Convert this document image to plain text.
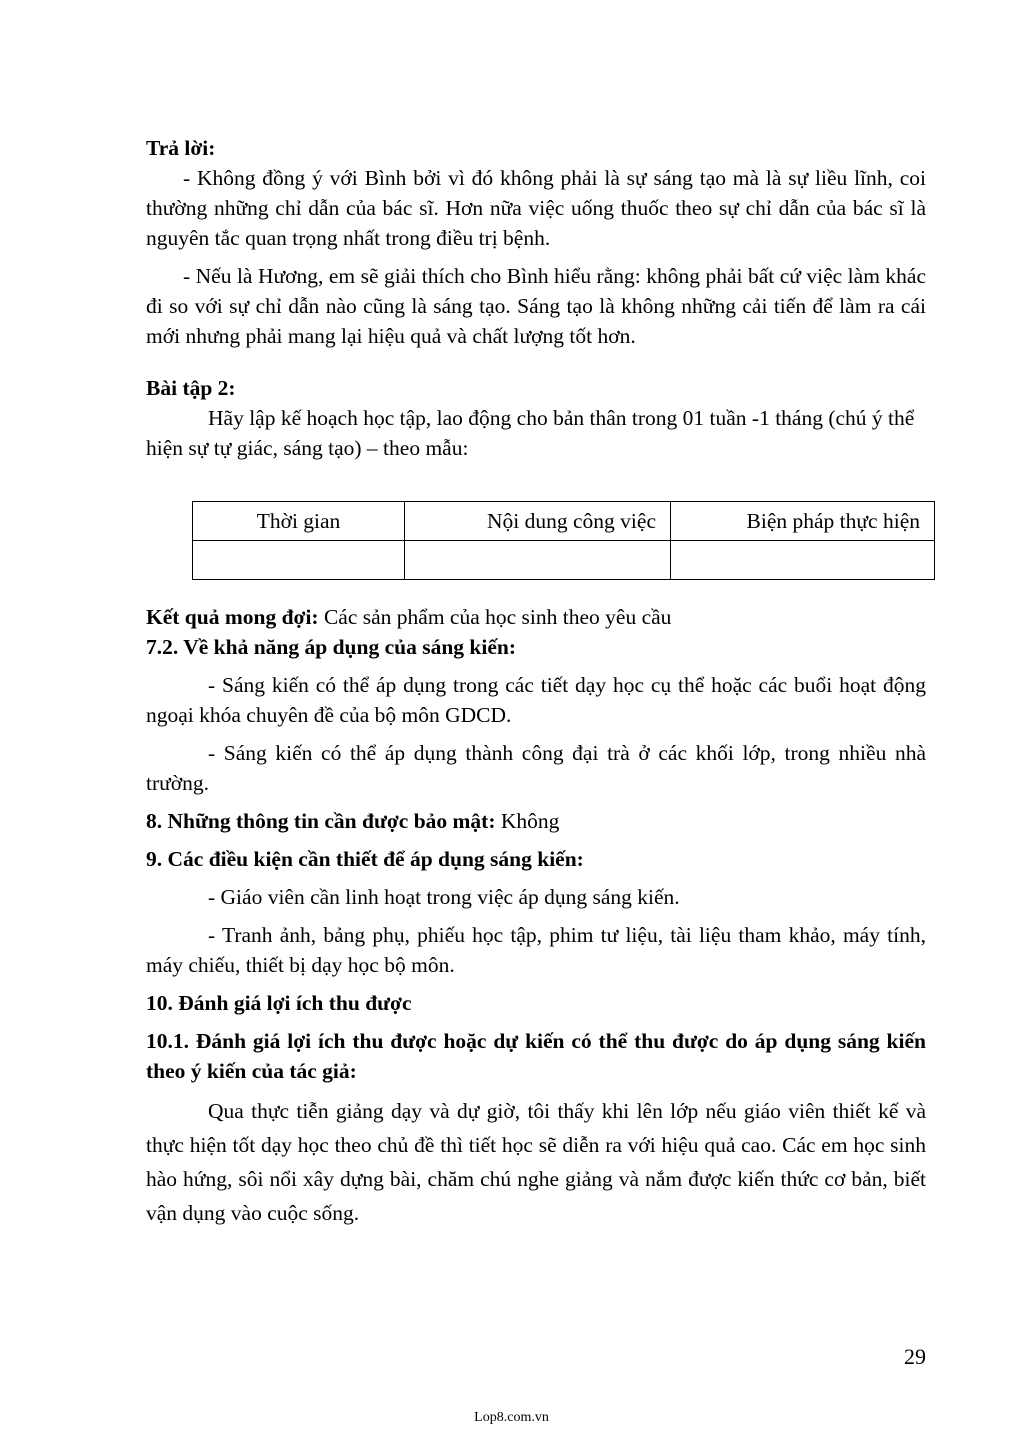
Trả lời:

- Không đồng ý với Bình bởi vì đó không phải là sự sáng tạo mà là sự liều lĩnh, coi thường những chỉ dẫn của bác sĩ. Hơn nữa việc uống thuốc theo sự chỉ dẫn của bác sĩ là nguyên tắc quan trọng nhất trong điều trị bệnh.

- Nếu là Hương, em sẽ giải thích cho Bình hiểu rằng: không phải bất cứ việc làm khác đi so với sự chỉ dẫn nào cũng là sáng tạo. Sáng tạo là không những cải tiến để làm ra cái mới nhưng phải mang lại hiệu quả và chất lượng tốt hơn.

Bài tập 2:

Hãy lập kế hoạch học tập, lao động cho bản thân trong 01 tuần -1 tháng (chú ý thể hiện sự tự giác, sáng tạo) – theo mẫu:

Thời gian	Nội dung công việc	Biện pháp thực hiện

Kết quả mong đợi: Các sản phẩm của học sinh theo yêu cầu

7.2. Về khả năng áp dụng của sáng kiến:

- Sáng kiến có thể áp dụng trong các tiết dạy học cụ thể hoặc các buổi hoạt động ngoại khóa chuyên đề của bộ môn GDCD.

- Sáng kiến có thể áp dụng thành công đại trà ở các khối lớp, trong nhiều nhà trường.

8. Những thông tin cần được bảo mật: Không

9. Các điều kiện cần thiết để áp dụng sáng kiến:

- Giáo viên cần linh hoạt trong việc áp dụng sáng kiến.

- Tranh ảnh, bảng phụ, phiếu học tập, phim tư liệu, tài liệu tham khảo, máy tính, máy chiếu, thiết bị dạy học bộ môn.

10. Đánh giá lợi ích thu được

10.1. Đánh giá lợi ích thu được hoặc dự kiến có thể thu được do áp dụng sáng kiến theo ý kiến của tác giả:

Qua thực tiễn giảng dạy và dự giờ, tôi thấy khi lên lớp nếu giáo viên thiết kế và thực hiện tốt dạy học theo chủ đề thì tiết học sẽ diễn ra với hiệu quả cao. Các em học sinh hào hứng, sôi nổi xây dựng bài, chăm chú nghe giảng và nắm được kiến thức cơ bản, biết vận dụng vào cuộc sống.

29
Lop8.com.vn
